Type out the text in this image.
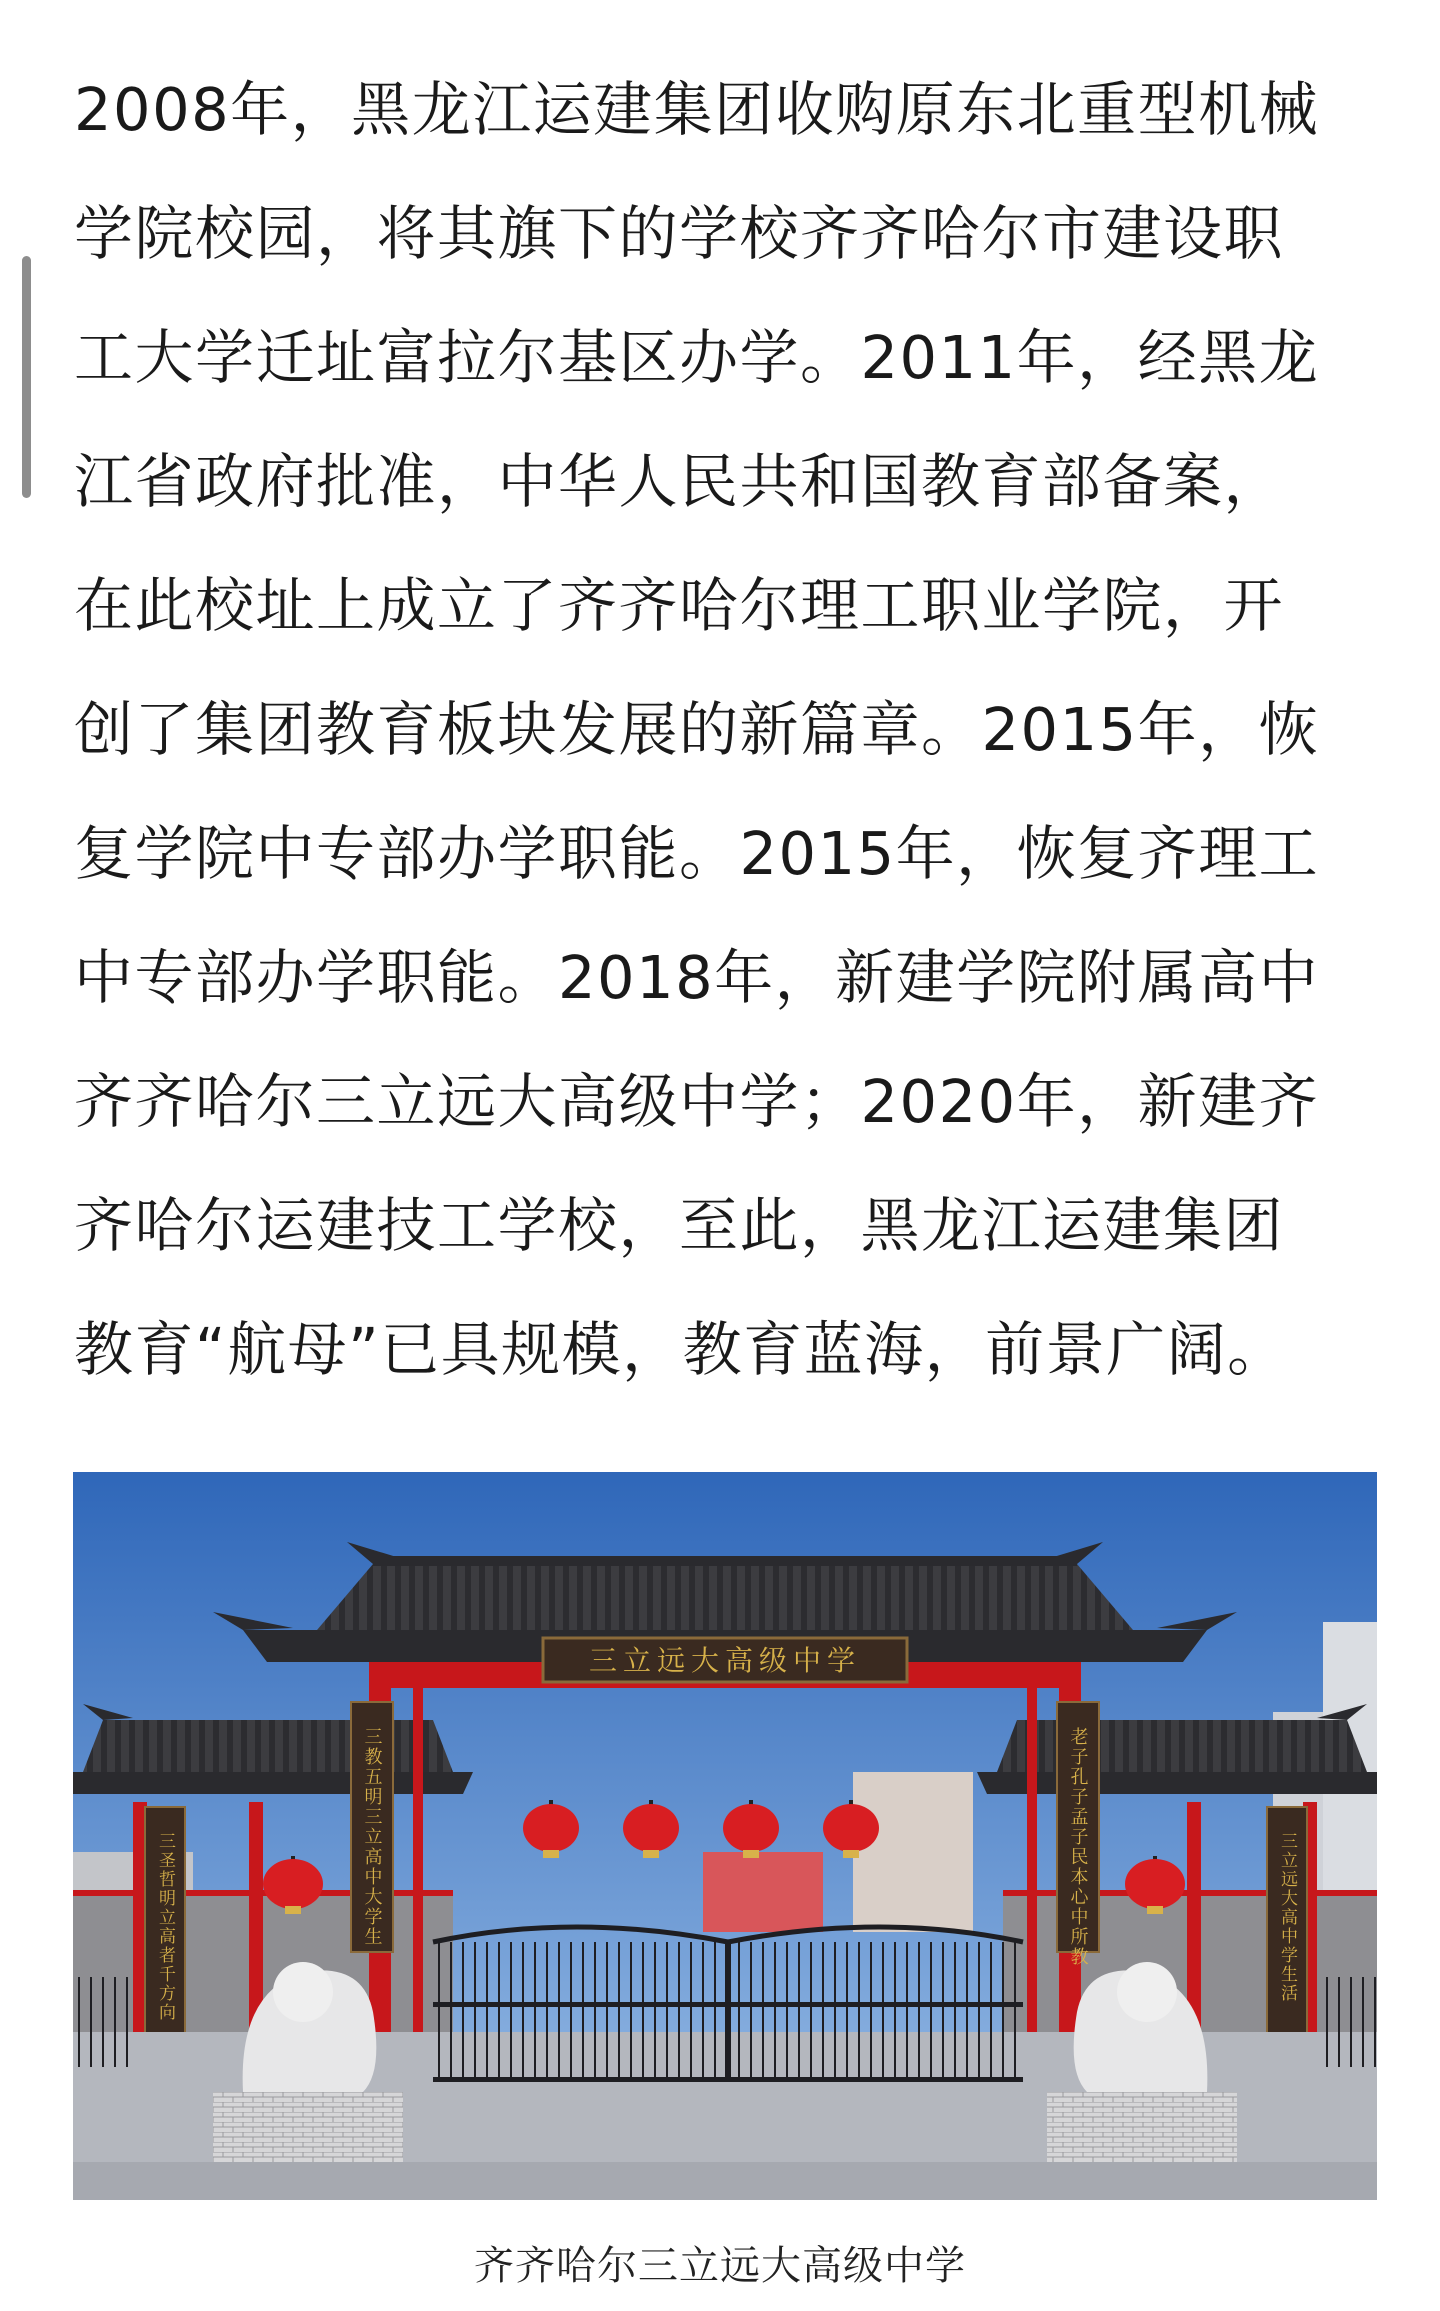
2008年，黑龙江运建集团收购原东北重型机械
学院校园，将其旗下的学校齐齐哈尔市建设职
工大学迁址富拉尔基区办学。2011年，经黑龙
江省政府批准，中华人民共和国教育部备案，
在此校址上成立了齐齐哈尔理工职业学院，开
创了集团教育板块发展的新篇章。2015年，恢
复学院中专部办学职能。2015年，恢复齐理工
中专部办学职能。2018年，新建学院附属高中
齐齐哈尔三立远大高级中学；2020年，新建齐
齐哈尔运建技工学校，至此，黑龙江运建集团
教育“航母”已具规模，教育蓝海，前景广阔。
三立远大高级中学
三教五明三立高中大学生	老子孔子孟子民本心中所教
三圣哲明立高者千方向	三立远大高中学生活
齐齐哈尔三立远大高级中学
